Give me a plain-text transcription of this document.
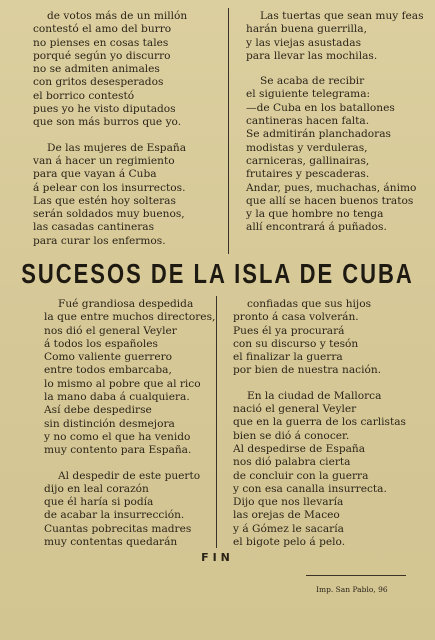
de votos más de un millón
contestó el amo del burro
no pienses en cosas tales
porqué según yo discurro
no se admiten animales
con gritos desesperados
el borrico contestó
pues yo he visto diputados
que son más burros que yo.
De las mujeres de España
van á hacer un regimiento
para que vayan á Cuba
á pelear con los insurrectos.
Las que estén hoy solteras
serán soldados muy buenos,
las casadas cantineras
para curar los enfermos.
Las tuertas que sean muy feas
harán buena guerrilla,
y las viejas asustadas
para llevar las mochilas.
Se acaba de recibir
el siguiente telegrama:
—de Cuba en los batallones
cantineras hacen falta.
Se admitirán planchadoras
modistas y verduleras,
carniceras, gallinairas,
frutaires y pescaderas.
Andar, pues, muchachas, ánimo
que allí se hacen buenos tratos
y la que hombre no tenga
allí encontrará á puñados.
SUCESOS DE LA ISLA DE CUBA
Fué grandiosa despedida
la que entre muchos directores,
nos dió el general Veyler
á todos los españoles
Como valiente guerrero
entre todos embarcaba,
lo mismo al pobre que al rico
la mano daba á cualquiera.
Así debe despedirse
sin distinción desmejora
y no como el que ha venido
muy contento para España.
Al despedir de este puerto
dijo en leal corazón
que él haría si podía
de acabar la insurrección.
Cuantas pobrecitas madres
muy contentas quedarán
confiadas que sus hijos
pronto á casa volverán.
Pues él ya procurará
con su discurso y tesón
el finalizar la guerra
por bien de nuestra nación.
En la ciudad de Mallorca
nació el general Veyler
que en la guerra de los carlistas
bien se dió á conocer.
Al despedirse de España
nos dió palabra cierta
de concluir con la guerra
y con esa canalla insurrecta.
Dijo que nos llevaría
las orejas de Maceo
y á Gómez le sacaría
el bigote pelo á pelo.
FIN
Imp. San Pablo, 96
